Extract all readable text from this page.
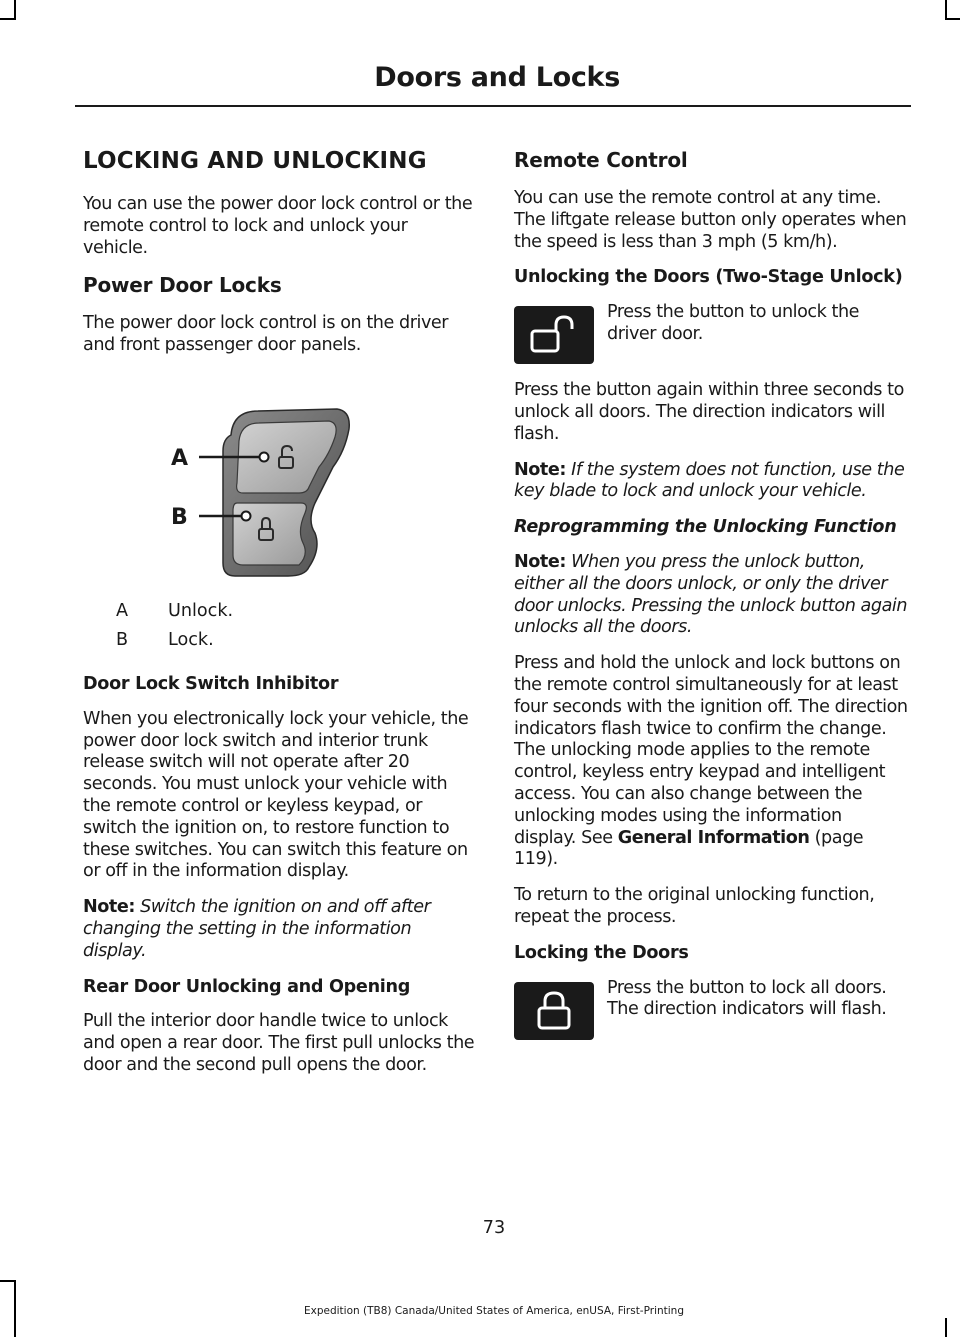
Doors and Locks
LOCKING AND UNLOCKING

You can use the power door lock control or the remote control to lock and unlock your vehicle.

Power Door Locks

The power door lock control is on the driver and front passenger door panels.

A
B
A	Unlock.
B	Lock.
Door Lock Switch Inhibitor

When you electronically lock your vehicle, the power door lock switch and interior trunk release switch will not operate after 20 seconds. You must unlock your vehicle with the remote control or keyless keypad, or switch the ignition on, to restore function to these switches. You can switch this feature on or off in the information display.

Note: Switch the ignition on and off after changing the setting in the information display.

Rear Door Unlocking and Opening

Pull the interior door handle twice to unlock and open a rear door. The first pull unlocks the door and the second pull opens the door.

Remote Control

You can use the remote control at any time. The liftgate release button only operates when the speed is less than 3 mph (5 km/h).

Unlocking the Doors (Two-Stage Unlock)

Press the button to unlock the driver door.

Press the button again within three seconds to unlock all doors. The direction indicators will flash.

Note: If the system does not function, use the key blade to lock and unlock your vehicle.

Reprogramming the Unlocking Function

Note: When you press the unlock button, either all the doors unlock, or only the driver door unlocks. Pressing the unlock button again unlocks all the doors.

Press and hold the unlock and lock buttons on the remote control simultaneously for at least four seconds with the ignition off. The direction indicators flash twice to confirm the change. The unlocking mode applies to the remote control, keyless entry keypad and intelligent access. You can also change between the unlocking modes using the information display. See General Information (page 119).

To return to the original unlocking function, repeat the process.

Locking the Doors

Press the button to lock all doors. The direction indicators will flash.

73
Expedition (TB8) Canada/United States of America, enUSA, First-Printing
